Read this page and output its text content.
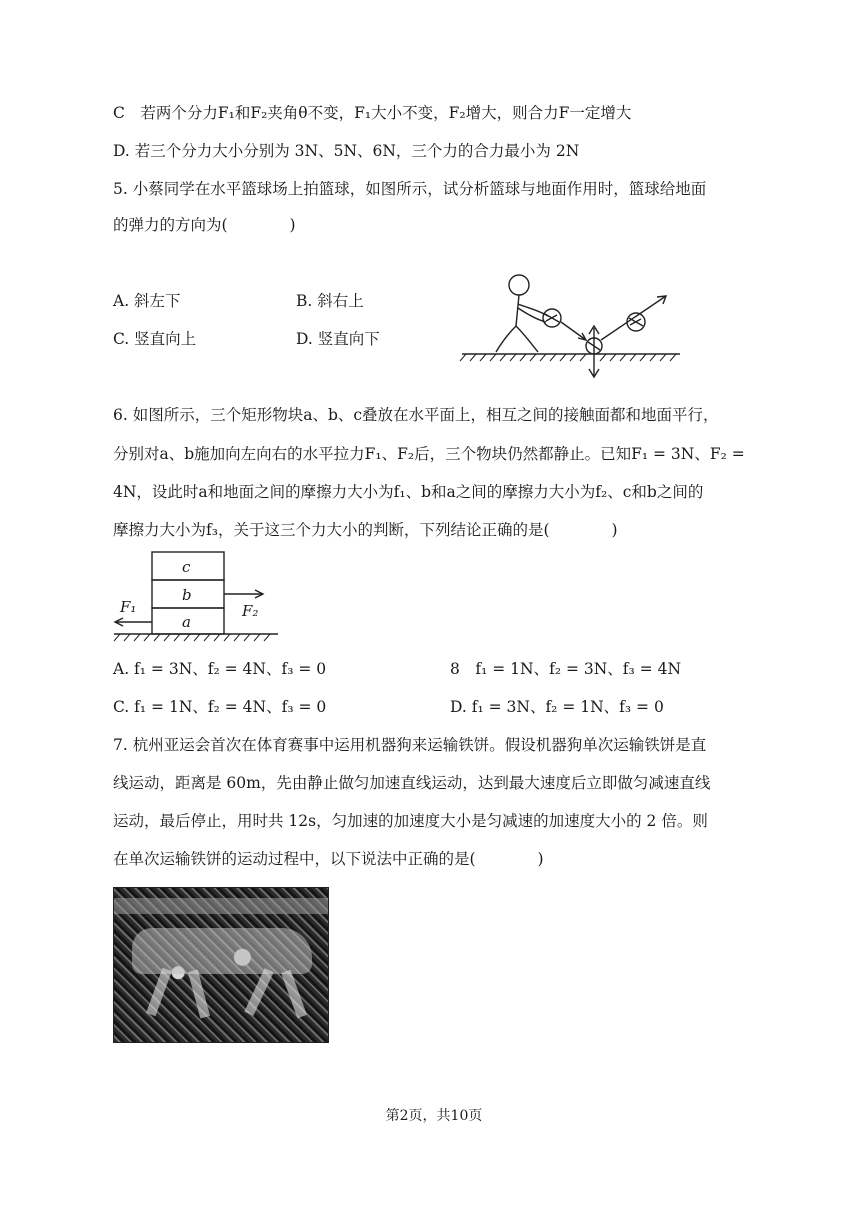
C　若两个分力F₁和F₂夹角θ不变，F₁大小不变，F₂增大，则合力F一定增大
D. 若三个分力大小分别为 3N、5N、6N，三个力的合力最小为 2N
5. 小蔡同学在水平篮球场上拍篮球，如图所示，试分析篮球与地面作用时，篮球给地面
的弹力的方向为(　　　　)
A. 斜左下	B. 斜右上
C. 竖直向上	D. 竖直向下
6. 如图所示，三个矩形物块a、b、c叠放在水平面上，相互之间的接触面都和地面平行，
分别对a、b施加向左向右的水平拉力F₁、F₂后，三个物块仍然都静止。已知F₁ = 3N、F₂ =
4N，设此时a和地面之间的摩擦力大小为f₁、b和a之间的摩擦力大小为f₂、c和b之间的
摩擦力大小为f₃，关于这三个力大小的判断，下列结论正确的是(　　　　)
c
b
a
F₁	F₂
A. f₁ = 3N、f₂ = 4N、f₃ = 0	8　f₁ = 1N、f₂ = 3N、f₃ = 4N
C. f₁ = 1N、f₂ = 4N、f₃ = 0	D. f₁ = 3N、f₂ = 1N、f₃ = 0
7. 杭州亚运会首次在体育赛事中运用机器狗来运输铁饼。假设机器狗单次运输铁饼是直
线运动，距离是 60m，先由静止做匀加速直线运动，达到最大速度后立即做匀减速直线
运动，最后停止，用时共 12s，匀加速的加速度大小是匀减速的加速度大小的 2 倍。则
在单次运输铁饼的运动过程中，以下说法中正确的是(　　　　)
第2页，共10页
